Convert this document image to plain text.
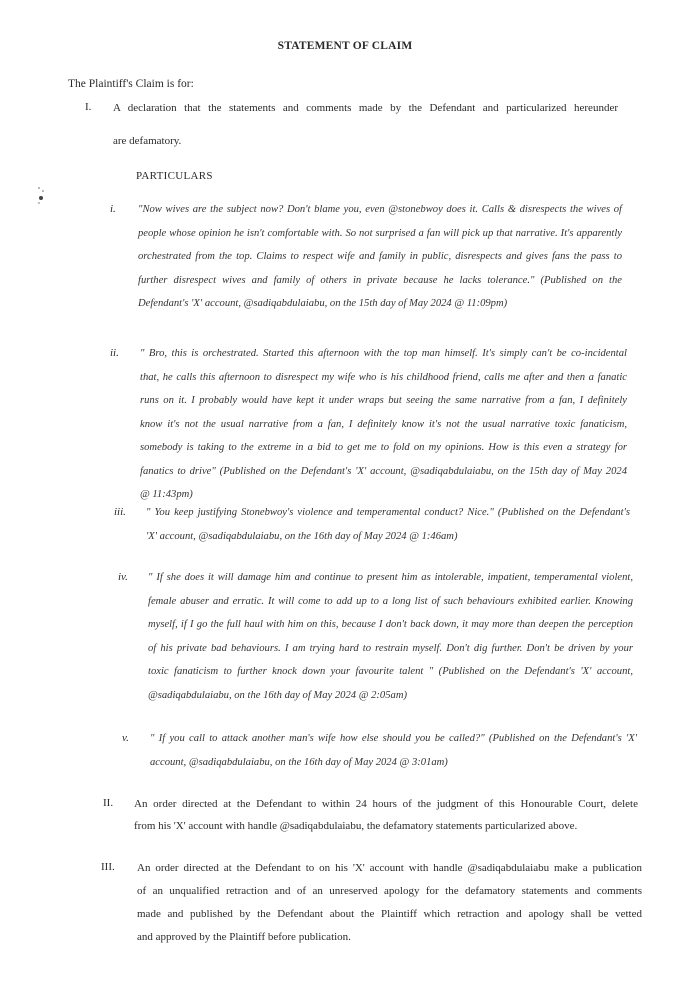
STATEMENT OF CLAIM
The Plaintiff's Claim is for:
PARTICULARS
I. A declaration that the statements and comments made by the Defendant and particularized hereunder
are defamatory.
II. An order directed at the Defendant to within 24 hours of the judgment of this Honourable Court, delete
from his 'X' account with handle @sadiqabdulaiabu, the defamatory statements particularized above.
III. An order directed at the Defendant to on his 'X' account with handle @sadiqabdulaiabu make a publication
of an unqualified retraction and of an unreserved apology for the defamatory statements and comments
made and published by the Defendant about the Plaintiff which retraction and apology shall be vetted
and approved by the Plaintiff before publication.
i. "Now wives are the subject now? Don't blame you, even @stonebwoy does it. Calls & disrespects the wives of
people whose opinion he isn't comfortable with. So not surprised a fan will pick up that narrative. It's apparently
orchestrated from the top. Claims to respect wife and family in public, disrespects and gives fans the pass to
further disrespect wives and family of others in private because he lacks tolerance." (Published on the
Defendant's 'X' account, @sadiqabdulaiabu, on the 15th day of May 2024 @ 11:09pm)
ii. " Bro, this is orchestrated. Started this afternoon with the top man himself. It's simply can't be co-incidental
that, he calls this afternoon to disrespect my wife who is his childhood friend, calls me after and then a fanatic
runs on it. I probably would have kept it under wraps but seeing the same narrative from a fan, I definitely
know it's not the usual narrative from a fan, I definitely know it's not the usual narrative toxic fanaticism,
somebody is taking to the extreme in a bid to get me to fold on my opinions. How is this even a strategy for
fanatics to drive" (Published on the Defendant's 'X' account, @sadiqabdulaiabu, on the 15th day of May 2024
@ 11:43pm)
iii. " You keep justifying Stonebwoy's violence and temperamental conduct? Nice." (Published on the Defendant's
'X' account, @sadiqabdulaiabu, on the 16th day of May 2024 @ 1:46am)
iv. " If she does it will damage him and continue to present him as intolerable, impatient, temperamental violent,
female abuser and erratic. It will come to add up to a long list of such behaviours exhibited earlier. Knowing
myself, if I go the full haul with him on this, because I don't back down, it may more than deepen the perception
of his private bad behaviours. I am trying hard to restrain myself. Don't dig further. Don't be driven by your
toxic fanaticism to further knock down your favourite talent " (Published on the Defendant's 'X' account,
@sadiqabdulaiabu, on the 16th day of May 2024 @ 2:05am)
v. " If you call to attack another man's wife how else should you be called?" (Published on the Defendant's 'X'
account, @sadiqabdulaiabu, on the 16th day of May 2024 @ 3:01am)
